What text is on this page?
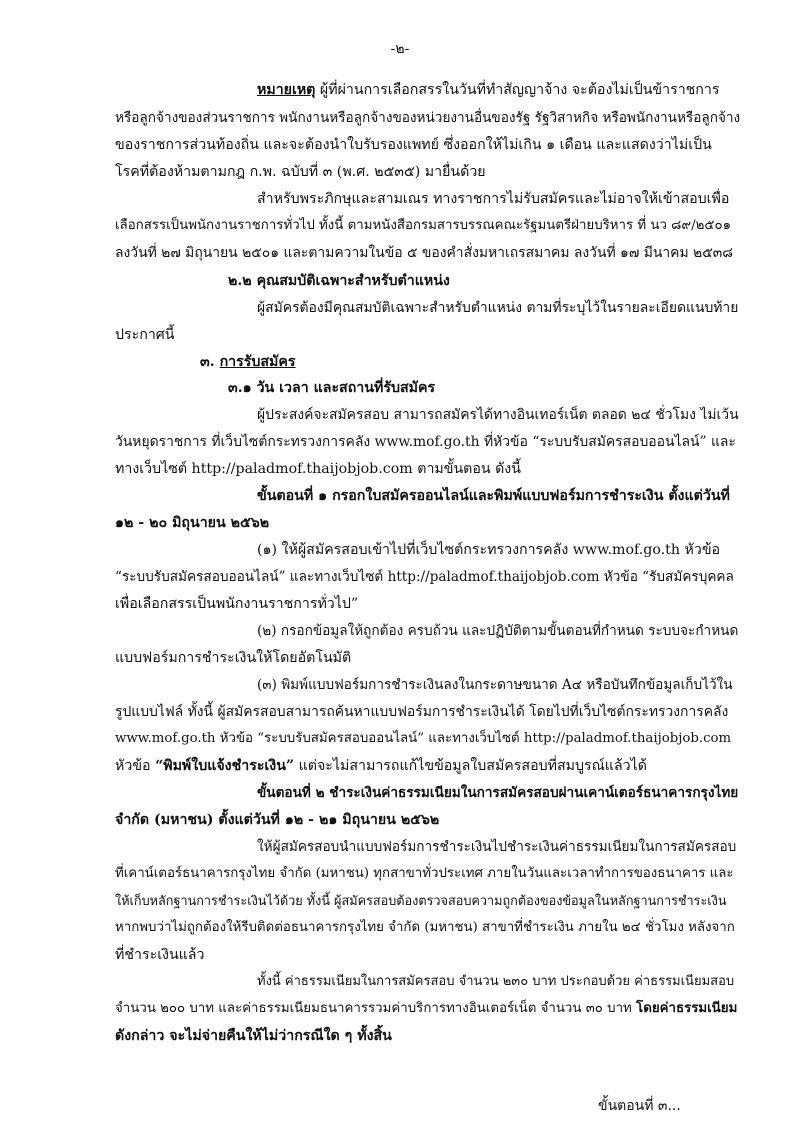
-๒-
หมายเหตุ ผู้ที่ผ่านการเลือกสรรในวันที่ทำสัญญาจ้าง จะต้องไม่เป็นข้าราชการ
หรือลูกจ้างของส่วนราชการ พนักงานหรือลูกจ้างของหน่วยงานอื่นของรัฐ รัฐวิสาหกิจ หรือพนักงานหรือลูกจ้าง
ของราชการส่วนท้องถิ่น และจะต้องนำใบรับรองแพทย์ ซึ่งออกให้ไม่เกิน ๑ เดือน และแสดงว่าไม่เป็น
โรคที่ต้องห้ามตามกฎ ก.พ. ฉบับที่ ๓ (พ.ศ. ๒๕๓๕) มายื่นด้วย
สำหรับพระภิกษุและสามเณร ทางราชการไม่รับสมัครและไม่อาจให้เข้าสอบเพื่อ
เลือกสรรเป็นพนักงานราชการทั่วไป ทั้งนี้ ตามหนังสือกรมสารบรรณคณะรัฐมนตรีฝ่ายบริหาร ที่ นว ๘๙/๒๕๐๑
ลงวันที่ ๒๗ มิถุนายน ๒๕๐๑ และตามความในข้อ ๕ ของคำสั่งมหาเถรสมาคม ลงวันที่ ๑๗ มีนาคม ๒๕๓๘
๒.๒ คุณสมบัติเฉพาะสำหรับตำแหน่ง
ผู้สมัครต้องมีคุณสมบัติเฉพาะสำหรับตำแหน่ง ตามที่ระบุไว้ในรายละเอียดแนบท้าย
ประกาศนี้
๓. การรับสมัคร
๓.๑ วัน เวลา และสถานที่รับสมัคร
ผู้ประสงค์จะสมัครสอบ สามารถสมัครได้ทางอินเทอร์เน็ต ตลอด ๒๔ ชั่วโมง ไม่เว้น
วันหยุดราชการ ที่เว็บไซต์กระทรวงการคลัง www.mof.go.th ที่หัวข้อ “ระบบรับสมัครสอบออนไลน์” และ
ทางเว็บไซต์ http://paladmof.thaijobjob.com ตามขั้นตอน ดังนี้
ขั้นตอนที่ ๑ กรอกใบสมัครออนไลน์และพิมพ์แบบฟอร์มการชำระเงิน ตั้งแต่วันที่
๑๒ - ๒๐ มิถุนายน ๒๕๖๒
(๑) ให้ผู้สมัครสอบเข้าไปที่เว็บไซต์กระทรวงการคลัง www.mof.go.th หัวข้อ
“ระบบรับสมัครสอบออนไลน์” และทางเว็บไซต์ http://paladmof.thaijobjob.com หัวข้อ “รับสมัครบุคคล
เพื่อเลือกสรรเป็นพนักงานราชการทั่วไป”
(๒) กรอกข้อมูลให้ถูกต้อง ครบถ้วน และปฏิบัติตามขั้นตอนที่กำหนด ระบบจะกำหนด
แบบฟอร์มการชำระเงินให้โดยอัตโนมัติ
(๓) พิมพ์แบบฟอร์มการชำระเงินลงในกระดาษขนาด A๔ หรือบันทึกข้อมูลเก็บไว้ใน
รูปแบบไฟล์ ทั้งนี้ ผู้สมัครสอบสามารถค้นหาแบบฟอร์มการชำระเงินได้ โดยไปที่เว็บไซต์กระทรวงการคลัง
www.mof.go.th หัวข้อ “ระบบรับสมัครสอบออนไลน์” และทางเว็บไซต์ http://paladmof.thaijobjob.com
หัวข้อ “พิมพ์ใบแจ้งชำระเงิน” แต่จะไม่สามารถแก้ไขข้อมูลใบสมัครสอบที่สมบูรณ์แล้วได้
ขั้นตอนที่ ๒ ชำระเงินค่าธรรมเนียมในการสมัครสอบผ่านเคาน์เตอร์ธนาคารกรุงไทย
จำกัด (มหาชน) ตั้งแต่วันที่ ๑๒ - ๒๑ มิถุนายน ๒๕๖๒
ให้ผู้สมัครสอบนำแบบฟอร์มการชำระเงินไปชำระเงินค่าธรรมเนียมในการสมัครสอบ
ที่เคาน์เตอร์ธนาคารกรุงไทย จำกัด (มหาชน) ทุกสาขาทั่วประเทศ ภายในวันและเวลาทำการของธนาคาร และ
ให้เก็บหลักฐานการชำระเงินไว้ด้วย ทั้งนี้ ผู้สมัครสอบต้องตรวจสอบความถูกต้องของข้อมูลในหลักฐานการชำระเงิน
หากพบว่าไม่ถูกต้องให้รีบติดต่อธนาคารกรุงไทย จำกัด (มหาชน) สาขาที่ชำระเงิน ภายใน ๒๔ ชั่วโมง หลังจาก
ที่ชำระเงินแล้ว
ทั้งนี้ ค่าธรรมเนียมในการสมัครสอบ จำนวน ๒๓๐ บาท ประกอบด้วย ค่าธรรมเนียมสอบ
จำนวน ๒๐๐ บาท และค่าธรรมเนียมธนาคารรวมค่าบริการทางอินเตอร์เน็ต จำนวน ๓๐ บาท โดยค่าธรรมเนียม
ดังกล่าว จะไม่จ่ายคืนให้ไม่ว่ากรณีใด ๆ ทั้งสิ้น
ขั้นตอนที่ ๓...
